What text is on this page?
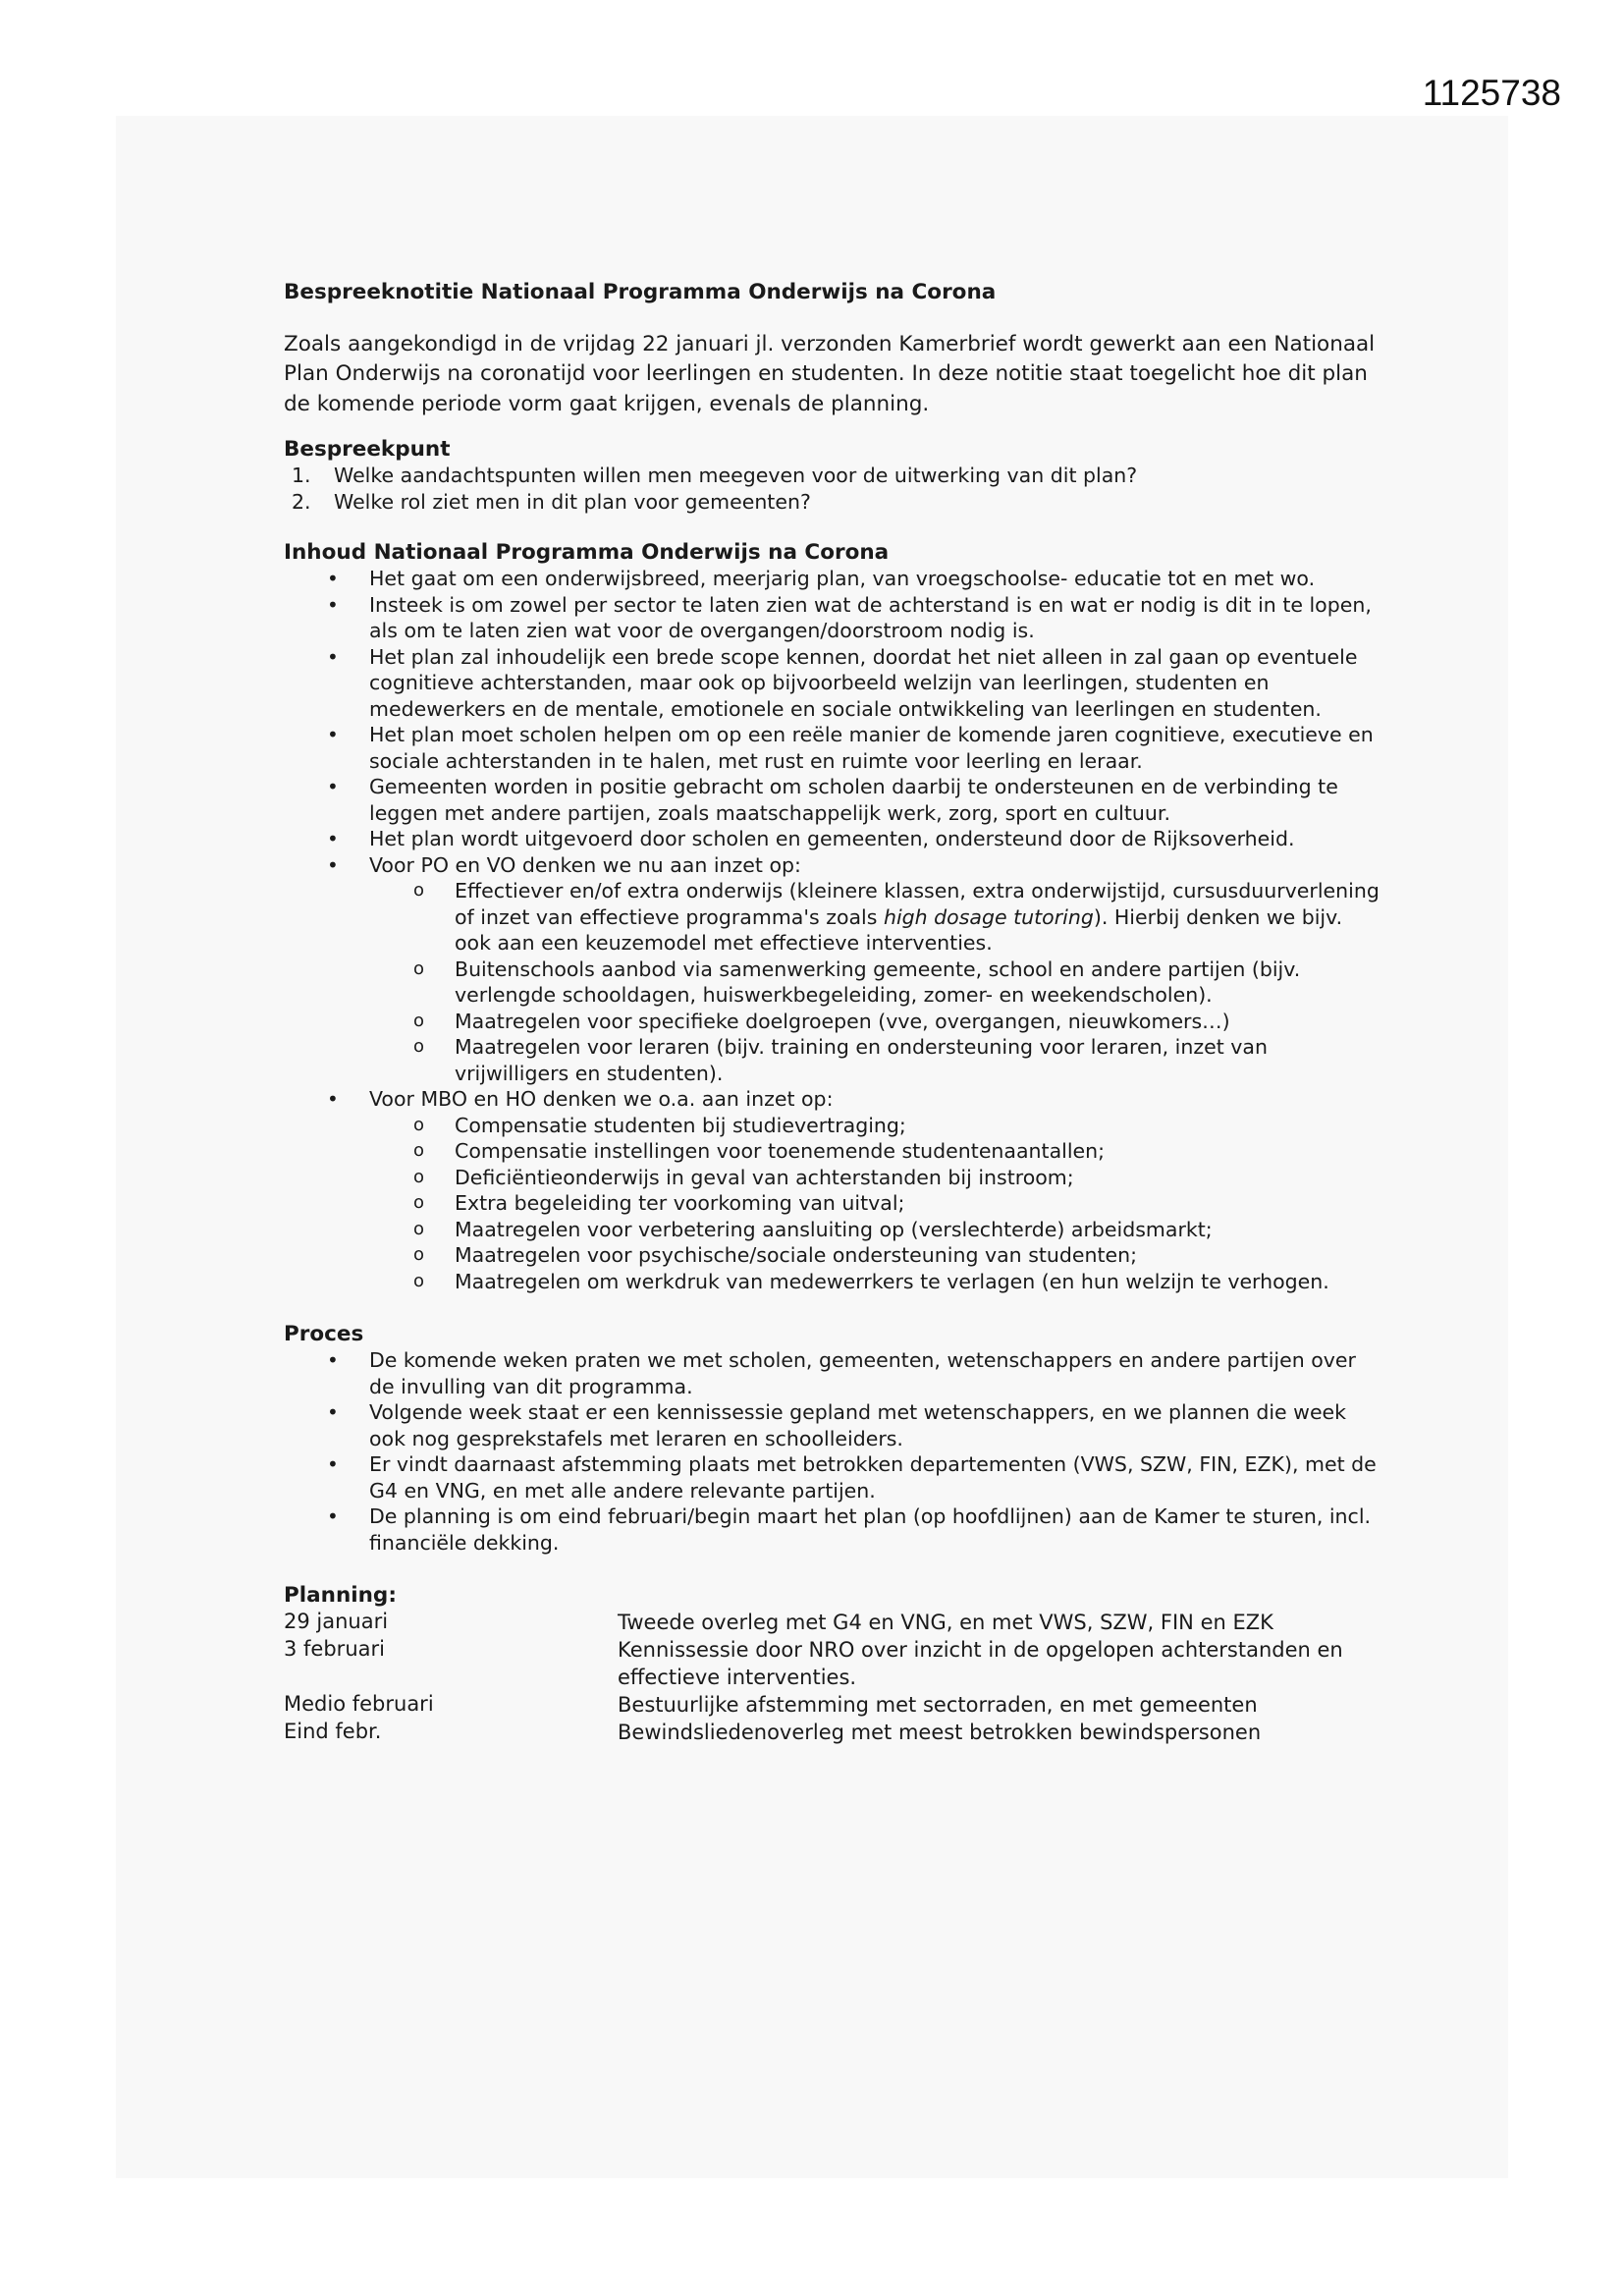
1125738
Bespreeknotitie Nationaal Programma Onderwijs na Corona
Zoals aangekondigd in de vrijdag 22 januari jl. verzonden Kamerbrief wordt gewerkt aan een Nationaal Plan Onderwijs na coronatijd voor leerlingen en studenten. In deze notitie staat toegelicht hoe dit plan de komende periode vorm gaat krijgen, evenals de planning.
Bespreekpunt
1. Welke aandachtspunten willen men meegeven voor de uitwerking van dit plan?
2. Welke rol ziet men in dit plan voor gemeenten?
Inhoud Nationaal Programma Onderwijs na Corona
• Het gaat om een onderwijsbreed, meerjarig plan, van vroegschoolse- educatie tot en met wo.
• Insteek is om zowel per sector te laten zien wat de achterstand is en wat er nodig is dit in te lopen, als om te laten zien wat voor de overgangen/doorstroom nodig is.
• Het plan zal inhoudelijk een brede scope kennen, doordat het niet alleen in zal gaan op eventuele cognitieve achterstanden, maar ook op bijvoorbeeld welzijn van leerlingen, studenten en medewerkers en de mentale, emotionele en sociale ontwikkeling van leerlingen en studenten.
• Het plan moet scholen helpen om op een reële manier de komende jaren cognitieve, executieve en sociale achterstanden in te halen, met rust en ruimte voor leerling en leraar.
• Gemeenten worden in positie gebracht om scholen daarbij te ondersteunen en de verbinding te leggen met andere partijen, zoals maatschappelijk werk, zorg, sport en cultuur.
• Het plan wordt uitgevoerd door scholen en gemeenten, ondersteund door de Rijksoverheid.
• Voor PO en VO denken we nu aan inzet op:
o Effectiever en/of extra onderwijs (kleinere klassen, extra onderwijstijd, cursusduurverlening of inzet van effectieve programma's zoals high dosage tutoring). Hierbij denken we bijv. ook aan een keuzemodel met effectieve interventies.
o Buitenschools aanbod via samenwerking gemeente, school en andere partijen (bijv. verlengde schooldagen, huiswerkbegeleiding, zomer- en weekendscholen).
o Maatregelen voor specifieke doelgroepen (vve, overgangen, nieuwkomers…)
o Maatregelen voor leraren (bijv. training en ondersteuning voor leraren, inzet van vrijwilligers en studenten).
• Voor MBO en HO denken we o.a. aan inzet op:
o Compensatie studenten bij studievertraging;
o Compensatie instellingen voor toenemende studentenaantallen;
o Deficiëntieonderwijs in geval van achterstanden bij instroom;
o Extra begeleiding ter voorkoming van uitval;
o Maatregelen voor verbetering aansluiting op (verslechterde) arbeidsmarkt;
o Maatregelen voor psychische/sociale ondersteuning van studenten;
o Maatregelen om werkdruk van medewerrkers te verlagen (en hun welzijn te verhogen.
Proces
• De komende weken praten we met scholen, gemeenten, wetenschappers en andere partijen over de invulling van dit programma.
• Volgende week staat er een kennissessie gepland met wetenschappers, en we plannen die week ook nog gesprekstafels met leraren en schoolleiders.
• Er vindt daarnaast afstemming plaats met betrokken departementen (VWS, SZW, FIN, EZK), met de G4 en VNG, en met alle andere relevante partijen.
• De planning is om eind februari/begin maart het plan (op hoofdlijnen) aan de Kamer te sturen, incl. financiële dekking.
Planning:
29 januari	Tweede overleg met G4 en VNG, en met VWS, SZW, FIN en EZK
3 februari	Kennissessie door NRO over inzicht in de opgelopen achterstanden en effectieve interventies.
Medio februari	Bestuurlijke afstemming met sectorraden, en met gemeenten
Eind febr.	Bewindsliedenoverleg met meest betrokken bewindspersonen
